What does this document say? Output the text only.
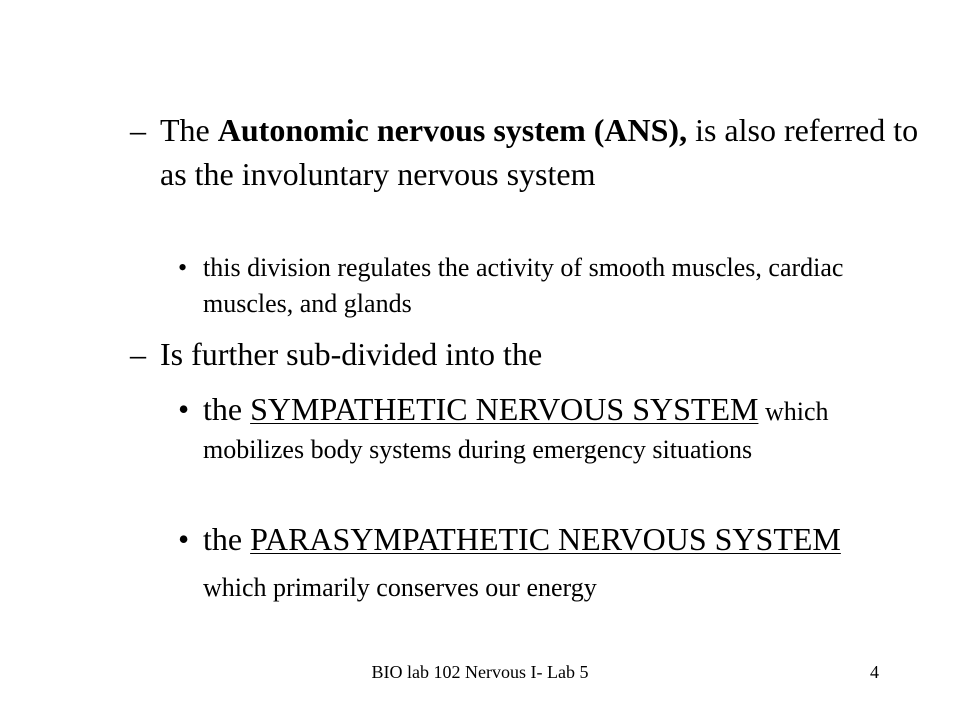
– The Autonomic nervous system (ANS), is also referred to as the involuntary nervous system
• this division regulates the activity of smooth muscles, cardiac muscles, and glands
– Is further sub-divided into the
• the SYMPATHETIC NERVOUS SYSTEM which mobilizes body systems during emergency situations
• the PARASYMPATHETIC NERVOUS SYSTEM which primarily conserves our energy
BIO lab 102 Nervous I- Lab 5	4
